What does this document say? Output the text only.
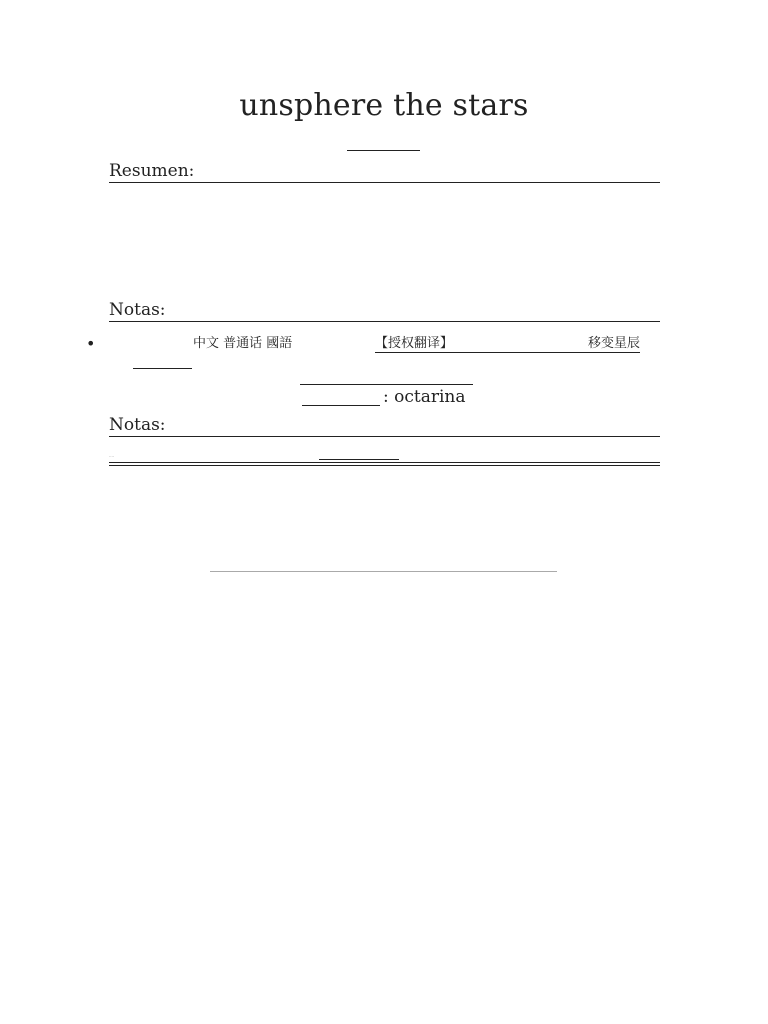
unsphere the stars
Resumen:
Notas:
•	中文 普通话 國語	【授权翻译】	移变星辰
: octarina
Notas:
····
